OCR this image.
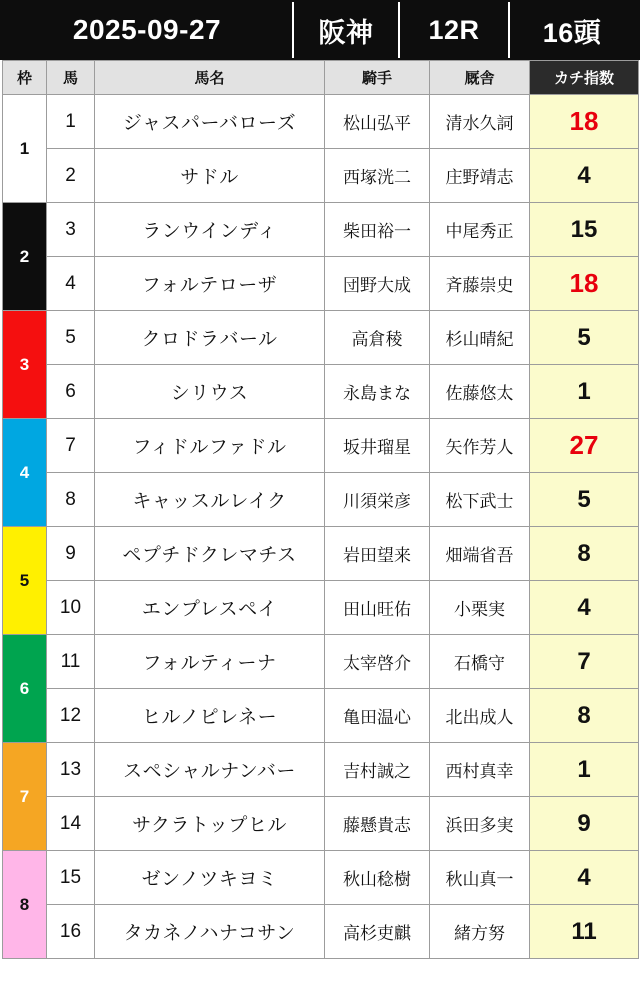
2025-09-27	阪神	12R	16頭
枠	馬	馬名	騎手	厩舎	カチ指数
1	1	ジャスパーバローズ	松山弘平	清水久詞	18
	2	サドル	西塚洸二	庄野靖志	4
2	3	ランウインディ	柴田裕一	中尾秀正	15
	4	フォルテローザ	団野大成	斉藤崇史	18
3	5	クロドラバール	高倉稜	杉山晴紀	5
	6	シリウス	永島まな	佐藤悠太	1
4	7	フィドルファドル	坂井瑠星	矢作芳人	27
	8	キャッスルレイク	川須栄彦	松下武士	5
5	9	ペプチドクレマチス	岩田望来	畑端省吾	8
	10	エンプレスペイ	田山旺佑	小栗実	4
6	11	フォルティーナ	太宰啓介	石橋守	7
	12	ヒルノピレネー	亀田温心	北出成人	8
7	13	スペシャルナンバー	吉村誠之	西村真幸	1
	14	サクラトップヒル	藤懸貴志	浜田多実	9
8	15	ゼンノツキヨミ	秋山稔樹	秋山真一	4
	16	タカネノハナコサン	高杉吏麒	緒方努	11
